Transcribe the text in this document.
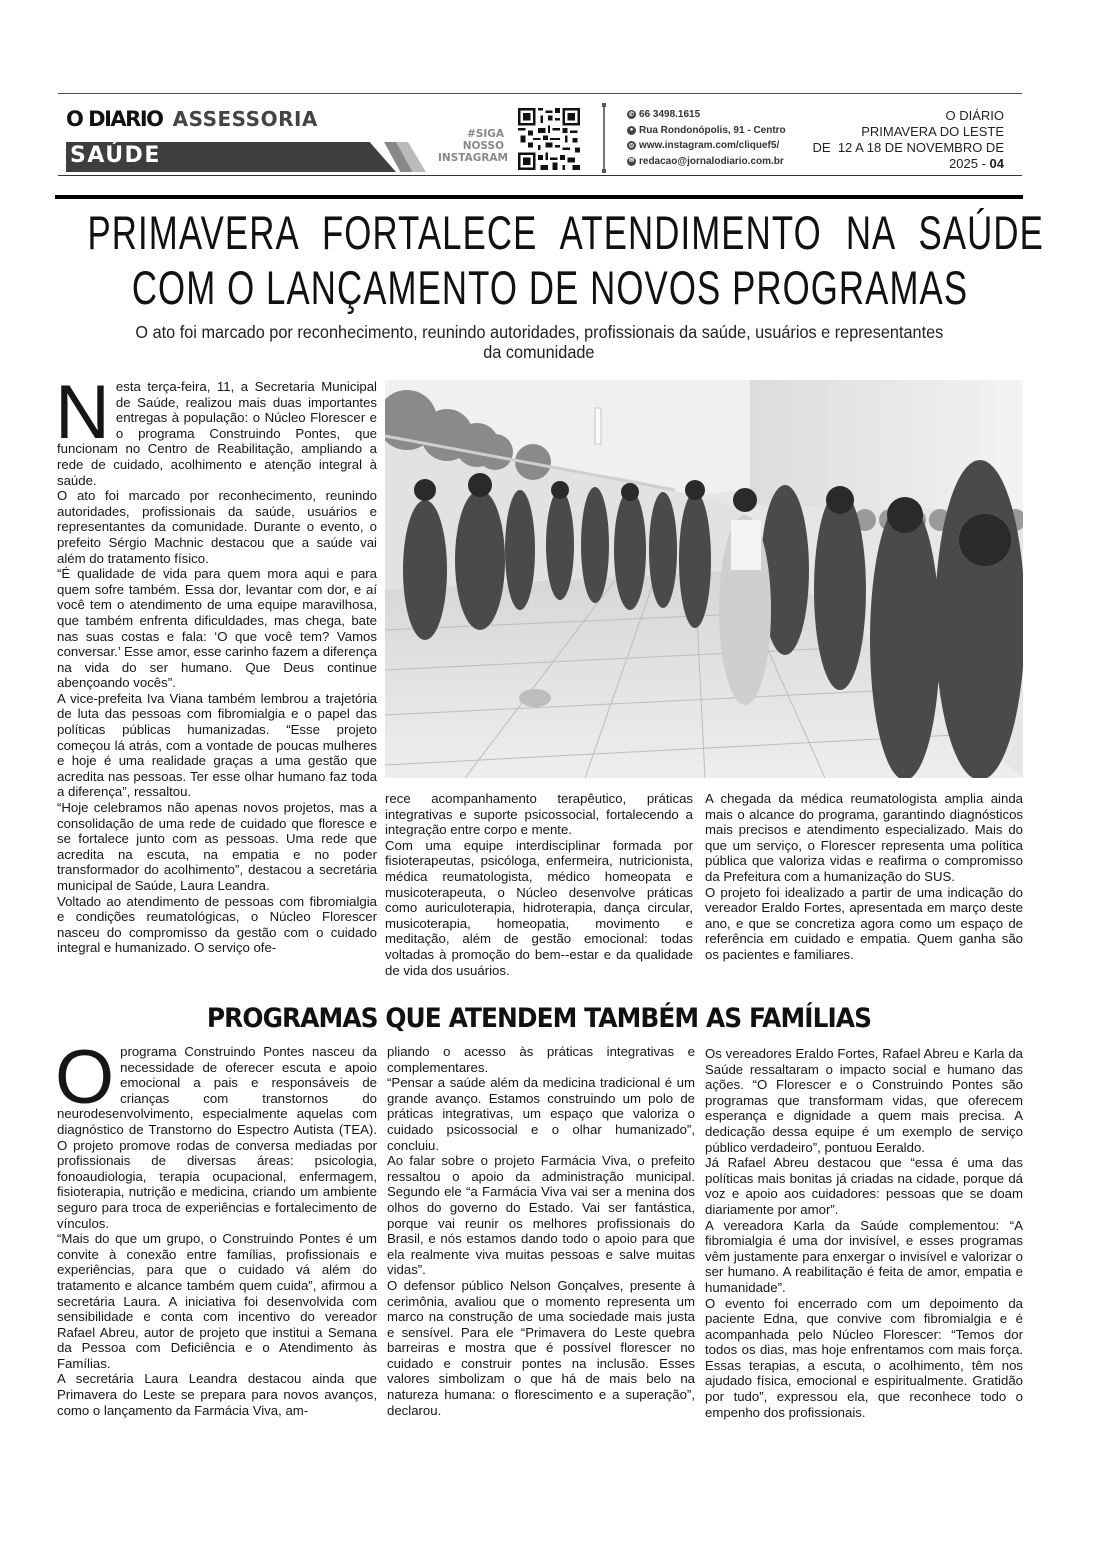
O DIARIO ASSESSORIA
SAÚDE
#SIGA
NOSSO
INSTAGRAM
✆ 66 3498.1615
● Rua Rondonópolis, 91 - Centro
◎ www.instagram.com/cliquef5/
✉ redacao@jornalodiario.com.br
O DIÁRIO
PRIMAVERA DO LESTE
DE  12 A 18 DE NOVEMBRO DE
2025 - 04
PRIMAVERA FORTALECE ATENDIMENTO NA SAÚDE
COM O LANÇAMENTO DE NOVOS PROGRAMAS
O ato foi marcado por reconhecimento, reunindo autoridades, profissionais da saúde, usuários e representantes
da comunidade
N esta terça-feira, 11, a Secretaria Municipal de Saúde, realizou mais duas importantes entregas à população: o Núcleo Florescer e o programa Construindo Pontes, que funcionam no Centro de Reabilitação, ampliando a rede de cuidado, acolhimento e atenção integral à saúde.

O ato foi marcado por reconhecimento, reunindo autoridades, profissionais da saúde, usuários e representantes da comunidade. Durante o evento, o prefeito Sérgio Machnic destacou que a saúde vai além do tratamento físico.

“É qualidade de vida para quem mora aqui e para quem sofre também. Essa dor, levantar com dor, e aí você tem o atendimento de uma equipe maravilhosa, que também enfrenta dificuldades, mas chega, bate nas suas costas e fala: ‘O que você tem? Vamos conversar.’ Esse amor, esse carinho fazem a diferença na vida do ser humano. Que Deus continue abençoando vocês”.

A vice-prefeita Iva Viana também lembrou a trajetória de luta das pessoas com fibromialgia e o papel das políticas públicas humanizadas. “Esse projeto começou lá atrás, com a vontade de poucas mulheres e hoje é uma realidade graças a uma gestão que acredita nas pessoas. Ter esse olhar humano faz toda a diferença”, ressaltou.

“Hoje celebramos não apenas novos projetos, mas a consolidação de uma rede de cuidado que floresce e se fortalece junto com as pessoas. Uma rede que acredita na escuta, na empatia e no poder transformador do acolhimento”, destacou a secretária municipal de Saúde, Laura Leandra.

Voltado ao atendimento de pessoas com fibromialgia e condições reumatológicas, o Núcleo Florescer nasceu do compromisso da gestão com o cuidado integral e humanizado. O serviço ofe-

rece acompanhamento terapêutico, práticas integrativas e suporte psicossocial, fortalecendo a integração entre corpo e mente.

Com uma equipe interdisciplinar formada por fisioterapeutas, psicóloga, enfermeira, nutricionista, médica reumatologista, médico homeopata e musicoterapeuta, o Núcleo desenvolve práticas como auriculoterapia, hidroterapia, dança circular, musicoterapia, homeopatia, movimento e meditação, além de gestão emocional: todas voltadas à promoção do bem--estar e da qualidade de vida dos usuários.

A chegada da médica reumatologista amplia ainda mais o alcance do programa, garantindo diagnósticos mais precisos e atendimento especializado. Mais do que um serviço, o Florescer representa uma política pública que valoriza vidas e reafirma o compromisso da Prefeitura com a humanização do SUS.

O projeto foi idealizado a partir de uma indicação do vereador Eraldo Fortes, apresentada em março deste ano, e que se concretiza agora como um espaço de referência em cuidado e empatia. Quem ganha são os pacientes e familiares.

PROGRAMAS QUE ATENDEM TAMBÉM AS FAMÍLIAS
O programa Construindo Pontes nasceu da necessidade de oferecer escuta e apoio emocional a pais e responsáveis de crianças com transtornos do neurodesenvolvimento, especialmente aquelas com diagnóstico de Transtorno do Espectro Autista (TEA). O projeto promove rodas de conversa mediadas por profissionais de diversas áreas: psicologia, fonoaudiologia, terapia ocupacional, enfermagem, fisioterapia, nutrição e medicina, criando um ambiente seguro para troca de experiências e fortalecimento de vínculos.

“Mais do que um grupo, o Construindo Pontes é um convite à conexão entre famílias, profissionais e experiências, para que o cuidado vá além do tratamento e alcance também quem cuida”, afirmou a secretária Laura. A iniciativa foi desenvolvida com sensibilidade e conta com incentivo do vereador Rafael Abreu, autor de projeto que institui a Semana da Pessoa com Deficiência e o Atendimento às Famílias.

A secretária Laura Leandra destacou ainda que Primavera do Leste se prepara para novos avanços, como o lançamento da Farmácia Viva, am-

pliando o acesso às práticas integrativas e complementares.

“Pensar a saúde além da medicina tradicional é um grande avanço. Estamos construindo um polo de práticas integrativas, um espaço que valoriza o cuidado psicossocial e o olhar humanizado”, concluiu.

Ao falar sobre o projeto Farmácia Viva, o prefeito ressaltou o apoio da administração municipal. Segundo ele “a Farmácia Viva vai ser a menina dos olhos do governo do Estado. Vai ser fantástica, porque vai reunir os melhores profissionais do Brasil, e nós estamos dando todo o apoio para que ela realmente viva muitas pessoas e salve muitas vidas”.

O defensor público Nelson Gonçalves, presente à cerimônia, avaliou que o momento representa um marco na construção de uma sociedade mais justa e sensível. Para ele “Primavera do Leste quebra barreiras e mostra que é possível florescer no cuidado e construir pontes na inclusão. Esses valores simbolizam o que há de mais belo na natureza humana: o florescimento e a superação”, declarou.

Os vereadores Eraldo Fortes, Rafael Abreu e Karla da Saúde ressaltaram o impacto social e humano das ações. “O Florescer e o Construindo Pontes são programas que transformam vidas, que oferecem esperança e dignidade a quem mais precisa. A dedicação dessa equipe é um exemplo de serviço público verdadeiro”, pontuou Eeraldo.

Já Rafael Abreu destacou que “essa é uma das políticas mais bonitas já criadas na cidade, porque dá voz e apoio aos cuidadores: pessoas que se doam diariamente por amor”.

A vereadora Karla da Saúde complementou: “A fibromialgia é uma dor invisível, e esses programas vêm justamente para enxergar o invisível e valorizar o ser humano. A reabilitação é feita de amor, empatia e humanidade”.

O evento foi encerrado com um depoimento da paciente Edna, que convive com fibromialgia e é acompanhada pelo Núcleo Florescer: “Temos dor todos os dias, mas hoje enfrentamos com mais força. Essas terapias, a escuta, o acolhimento, têm nos ajudado física, emocional e espiritualmente. Gratidão por tudo”, expressou ela, que reconhece todo o empenho dos profissionais.
